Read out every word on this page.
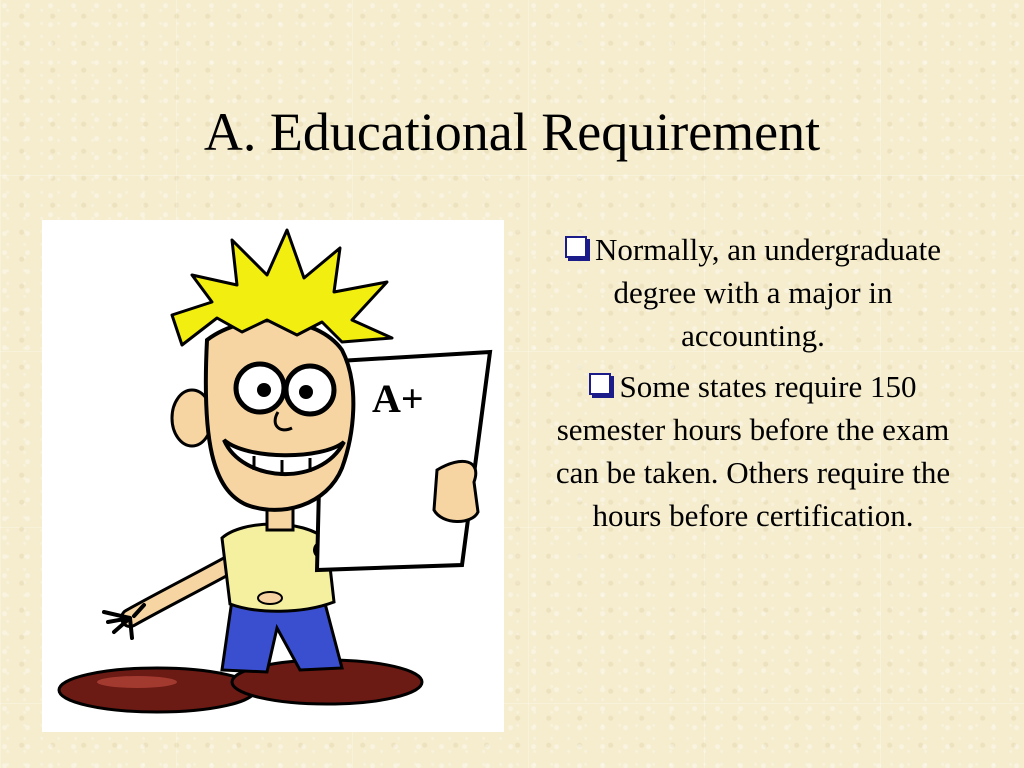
A. Educational Requirement
A+
Normally, an undergraduate degree with a major in accounting.
Some states require 150 semester hours before the exam can be taken. Others require the hours before certification.
